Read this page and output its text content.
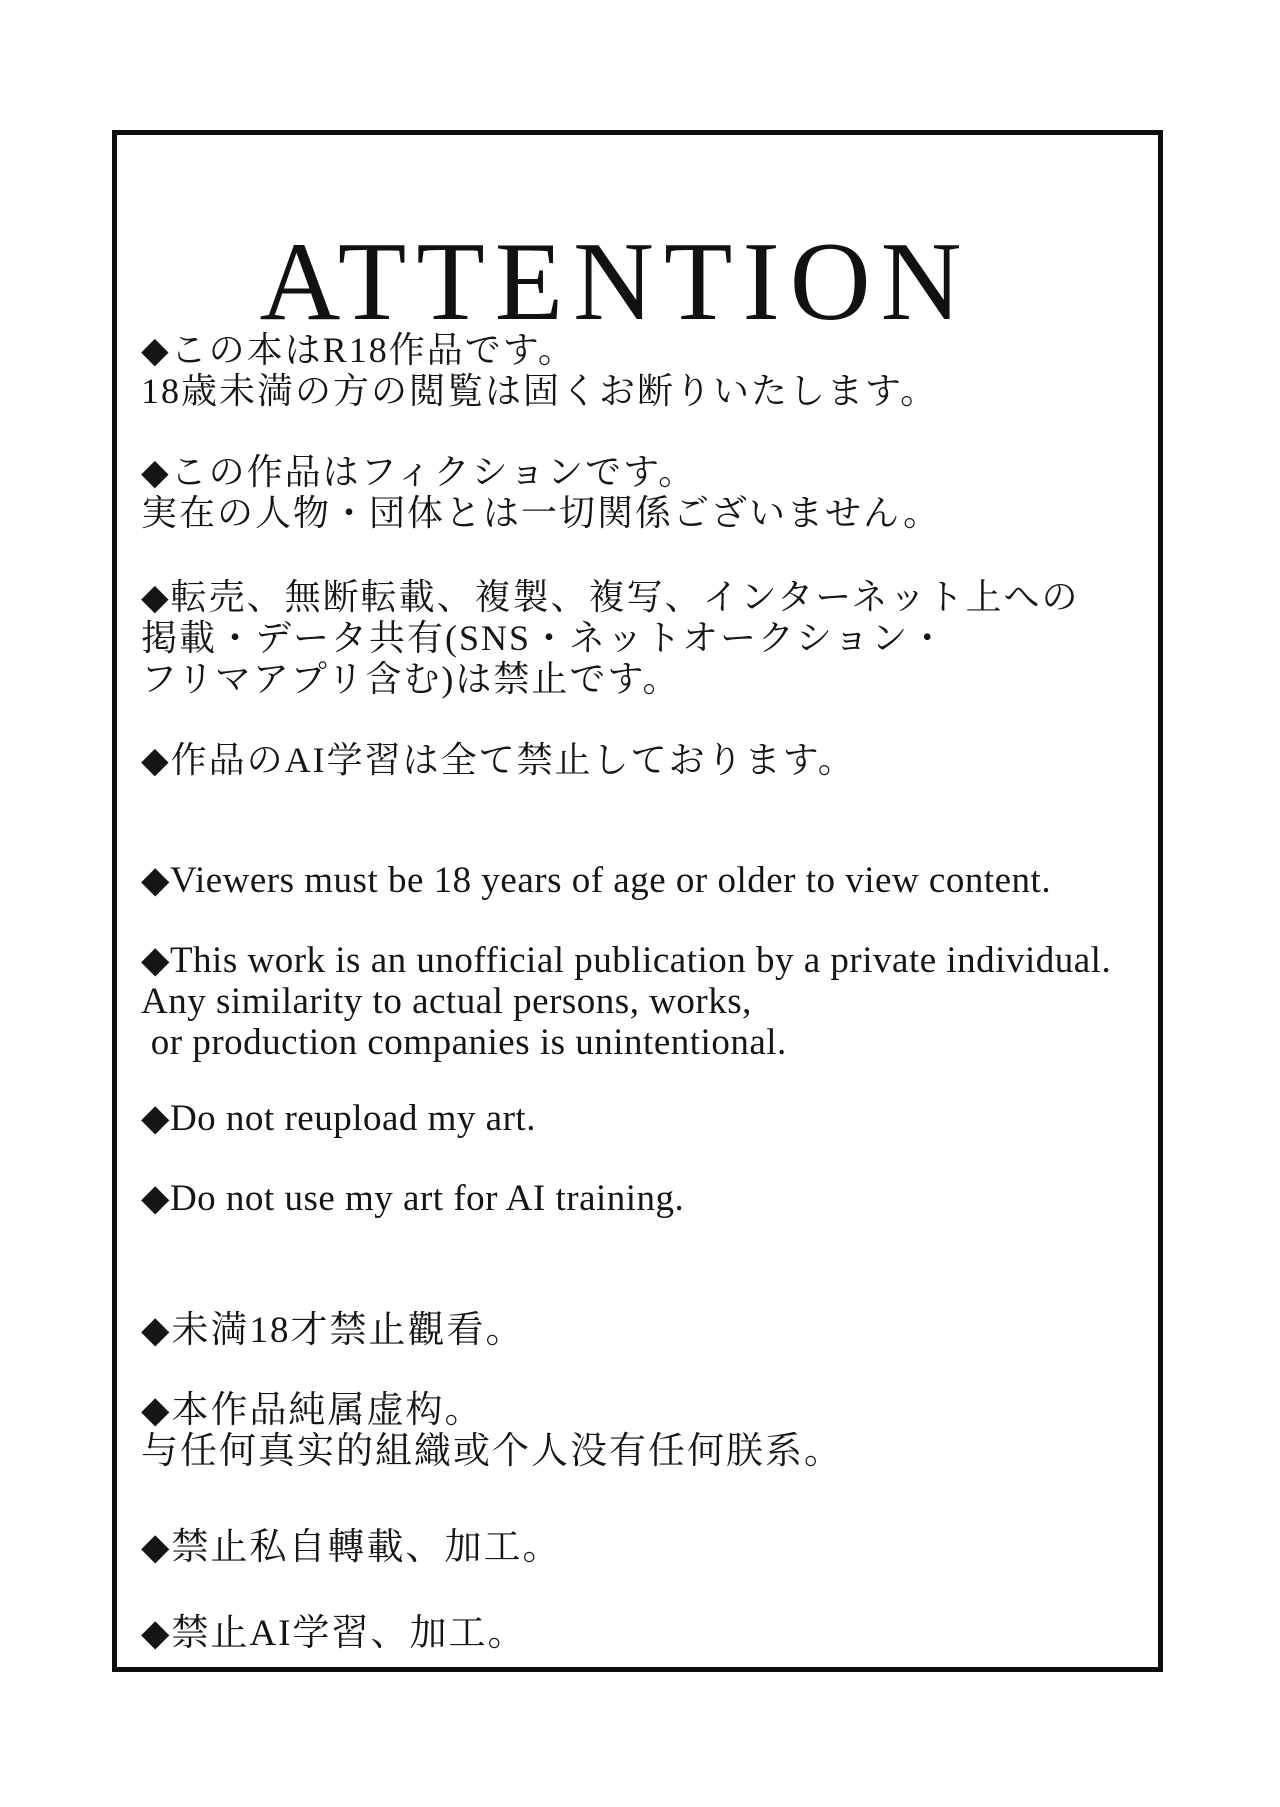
ATTENTION
◆この本はR18作品です。
18歳未満の方の閲覧は固くお断りいたします。
◆この作品はフィクションです。
実在の人物・団体とは一切関係ございません。
◆転売、無断転載、複製、複写、インターネット上への
掲載・データ共有(SNS・ネットオークション・
フリマアプリ含む)は禁止です。
◆作品のAI学習は全て禁止しております。
◆Viewers must be 18 years of age or older to view content.
◆This work is an unofficial publication by a private individual.
Any similarity to actual persons, works,
or production companies is unintentional.
◆Do not reupload my art.
◆Do not use my art for AI training.
◆未満18才禁止觀看。
◆本作品純属虚构。
与任何真实的組織或个人没有任何朕系。
◆禁止私自轉載、加工。
◆禁止AI学習、加工。
